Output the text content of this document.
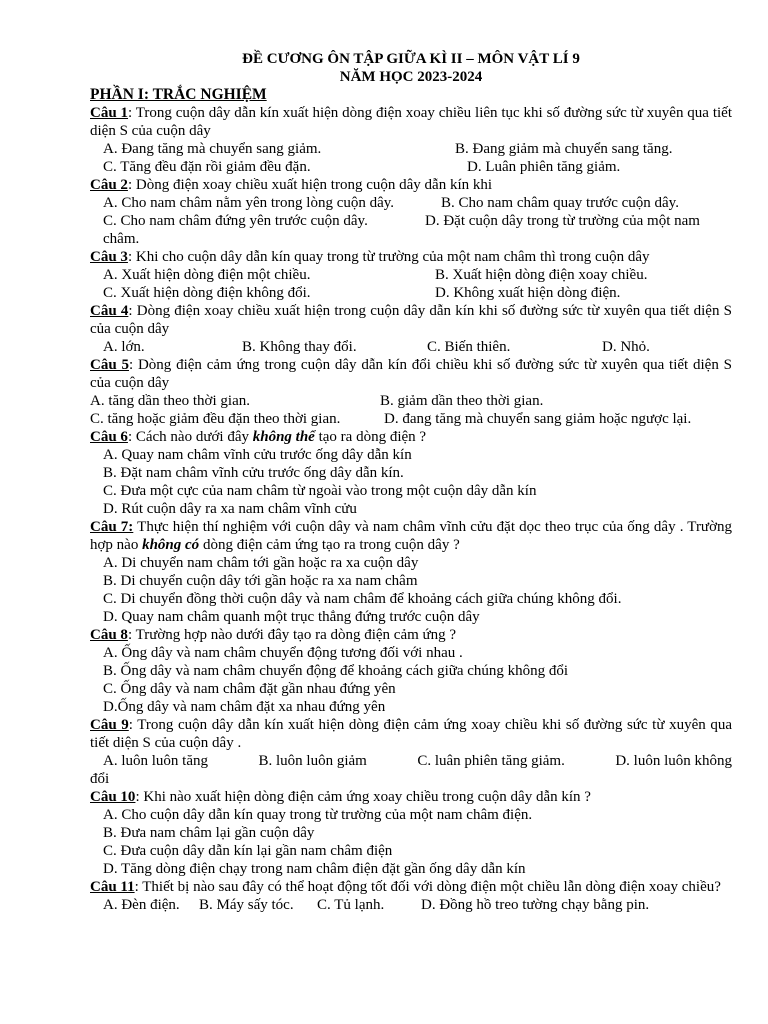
ĐỀ CƯƠNG ÔN TẬP GIỮA KÌ II – MÔN VẬT LÍ 9
NĂM HỌC 2023-2024
PHẦN I: TRẮC NGHIỆM
Câu 1: Trong cuộn dây dẫn kín xuất hiện dòng điện xoay chiều liên tục khi số đường sức từ xuyên qua tiết diện S của cuộn dây
A. Đang tăng mà chuyển sang giảm.	B. Đang giảm mà chuyển sang tăng.
C. Tăng đều đặn rồi giảm đều đặn.	D. Luân phiên tăng giảm.
Câu 2: Dòng điện xoay chiều xuất hiện trong cuộn dây dẫn kín khi
A. Cho nam châm nằm yên trong lòng cuộn dây.	B. Cho nam châm quay trước cuộn dây.
C. Cho nam châm đứng yên trước cuộn dây.	D. Đặt cuộn dây trong từ trường của một nam châm.
Câu 3: Khi cho cuộn dây dẫn kín quay trong từ trường của một nam châm thì trong cuộn dây
A. Xuất hiện dòng điện một chiều.	B. Xuất hiện dòng điện xoay chiều.
C. Xuất hiện dòng điện không đổi.	D. Không xuất hiện dòng điện.
Câu 4: Dòng điện xoay chiều xuất hiện trong cuộn dây dẫn kín khi số đường sức từ xuyên qua tiết diện S của cuộn dây
A. lớn.	B. Không thay đổi.	C. Biến thiên.	D. Nhỏ.
Câu 5: Dòng điện cảm ứng trong cuộn dây dẫn kín đổi chiều khi số đường sức từ xuyên qua tiết diện S của cuộn dây
A. tăng dần theo thời gian.	B. giảm dần theo thời gian.
C. tăng hoặc giảm đều đặn theo thời gian.	D. đang tăng mà chuyển sang giảm hoặc ngược lại.
Câu 6: Cách nào dưới đây không thể tạo ra dòng điện ?
A. Quay nam châm vĩnh cửu trước ống dây dẫn kín
B. Đặt nam châm vĩnh cửu trước ống dây dẫn kín.
C. Đưa một cực của nam châm từ ngoài vào trong một cuộn dây dẫn kín
D. Rút cuộn dây ra xa nam châm vĩnh cửu
Câu 7: Thực hiện thí nghiệm với cuộn dây và nam châm vĩnh cửu đặt dọc theo trục của ống dây . Trường hợp nào không có dòng điện cảm ứng tạo ra trong cuộn dây ?
A. Di chuyển nam châm tới gần hoặc ra xa cuộn dây
B. Di chuyển cuộn dây tới gần hoặc ra xa nam châm
C. Di chuyển đồng thời cuộn dây và nam châm để khoảng cách giữa chúng không đổi.
D. Quay nam châm quanh một trục thẳng đứng trước cuộn dây
Câu 8: Trường hợp nào dưới đây tạo ra dòng điện cảm ứng ?
A. Ống dây và nam châm chuyển động tương đối với nhau .
B. Ống dây và nam châm chuyển động để khoảng cách giữa chúng không đổi
C. Ống dây và nam châm đặt gần nhau đứng yên
D.Ống dây và nam châm đặt xa nhau đứng yên
Câu 9: Trong cuộn dây dẫn kín xuất hiện dòng điện cảm ứng xoay chiều khi số đường sức từ xuyên qua tiết diện S của cuộn dây .
A. luôn luôn tăng	B. luôn luôn giảm	C. luân phiên tăng giảm.	D. luôn luôn không
đổi
Câu 10: Khi nào xuất hiện dòng điện cảm ứng xoay chiều trong cuộn dây dẫn kín ?
A. Cho cuộn dây dẫn kín quay trong từ trường của một nam châm điện.
B. Đưa nam châm lại gần cuộn dây
C. Đưa cuộn dây dẫn kín lại gần nam châm điện
D. Tăng dòng điện chạy trong nam châm điện đặt gần ống dây dẫn kín
Câu 11: Thiết bị nào sau đây có thể hoạt động tốt đối với dòng điện một chiều lẫn dòng điện xoay chiều?
A. Đèn điện.	B. Máy sấy tóc.	C. Tủ lạnh.	D. Đồng hồ treo tường chạy bằng pin.
